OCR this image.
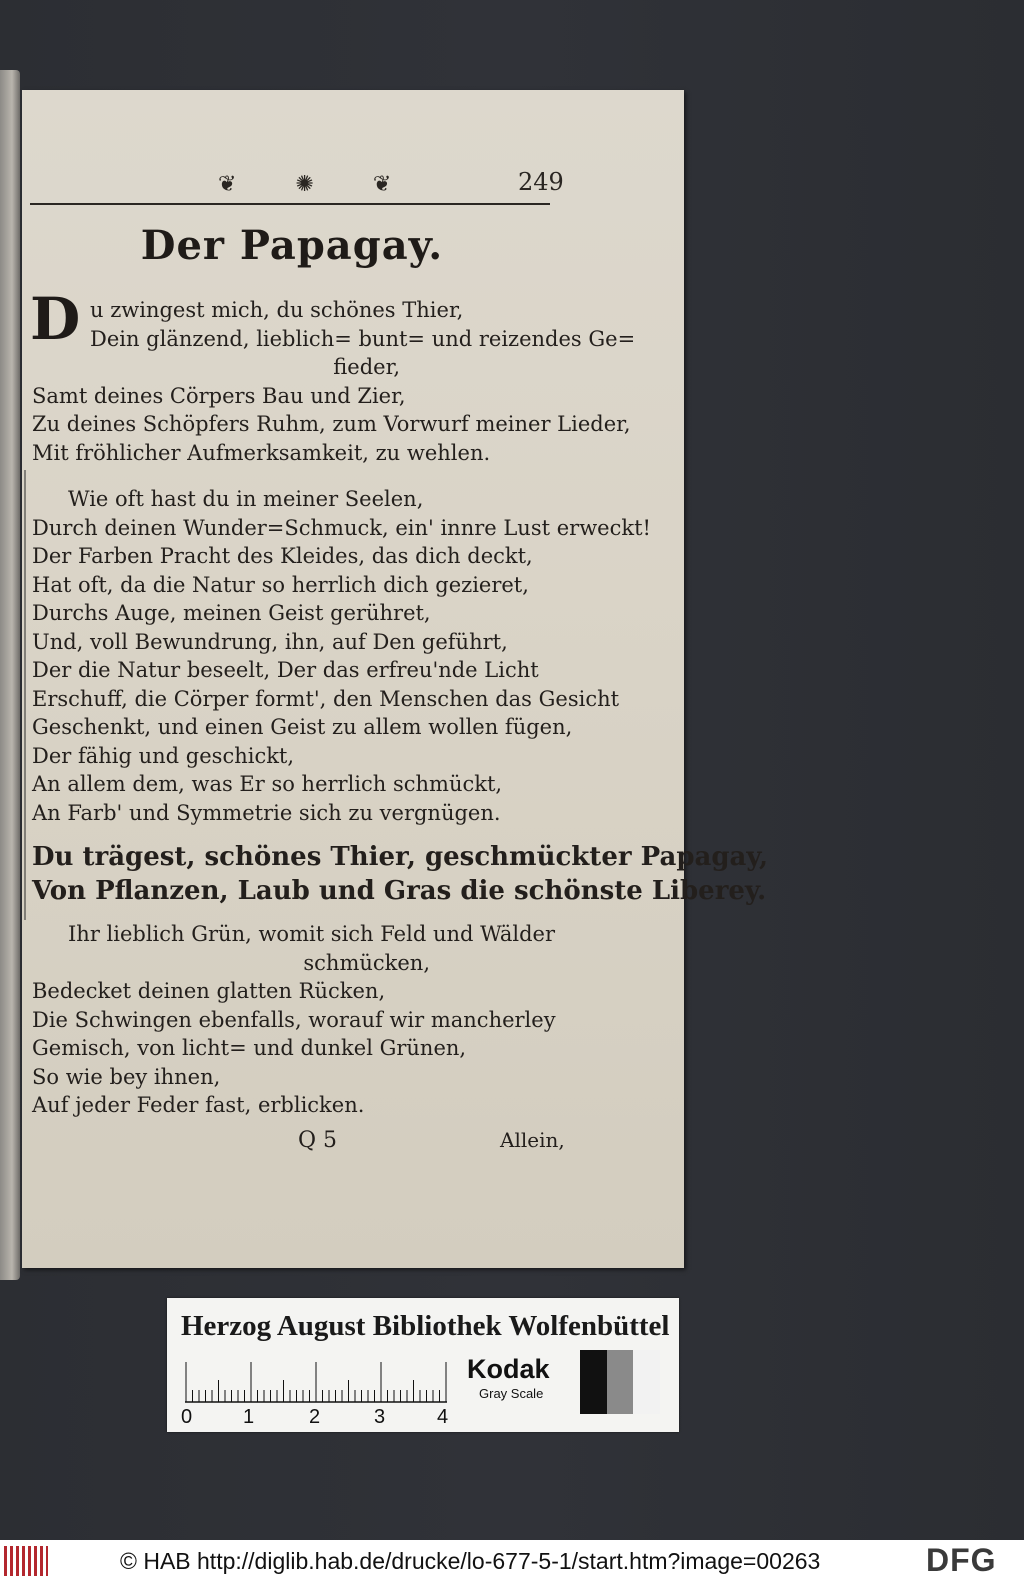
❦ ✺ ❦	249
Der Papagay.
D u zwingest mich, du schönes Thier,
Dein glänzend, lieblich= bunt= und reizendes Ge=
fieder,
Samt deines Cörpers Bau und Zier,
Zu deines Schöpfers Ruhm, zum Vorwurf meiner Lieder,
Mit fröhlicher Aufmerksamkeit, zu wehlen.
Wie oft hast du in meiner Seelen,
Durch deinen Wunder=Schmuck, ein' innre Lust erweckt!
Der Farben Pracht des Kleides, das dich deckt,
Hat oft, da die Natur so herrlich dich gezieret,
Durchs Auge, meinen Geist gerühret,
Und, voll Bewundrung, ihn, auf Den geführt,
Der die Natur beseelt, Der das erfreu'nde Licht
Erschuff, die Cörper formt', den Menschen das Gesicht
Geschenkt, und einen Geist zu allem wollen fügen,
Der fähig und geschickt,
An allem dem, was Er so herrlich schmückt,
An Farb' und Symmetrie sich zu vergnügen.
Du trägest, schönes Thier, geschmückter Papagay,
Von Pflanzen, Laub und Gras die schönste Liberey.
Ihr lieblich Grün, womit sich Feld und Wälder
schmücken,
Bedecket deinen glatten Rücken,
Die Schwingen ebenfalls, worauf wir mancherley
Gemisch, von licht= und dunkel Grünen,
So wie bey ihnen,
Auf jeder Feder fast, erblicken.
Q 5	Allein,
Herzog August Bibliothek Wolfenbüttel
0	1	2	3	4
Kodak
Gray Scale
© HAB http://diglib.hab.de/drucke/lo-677-5-1/start.htm?image=00263	DFG
